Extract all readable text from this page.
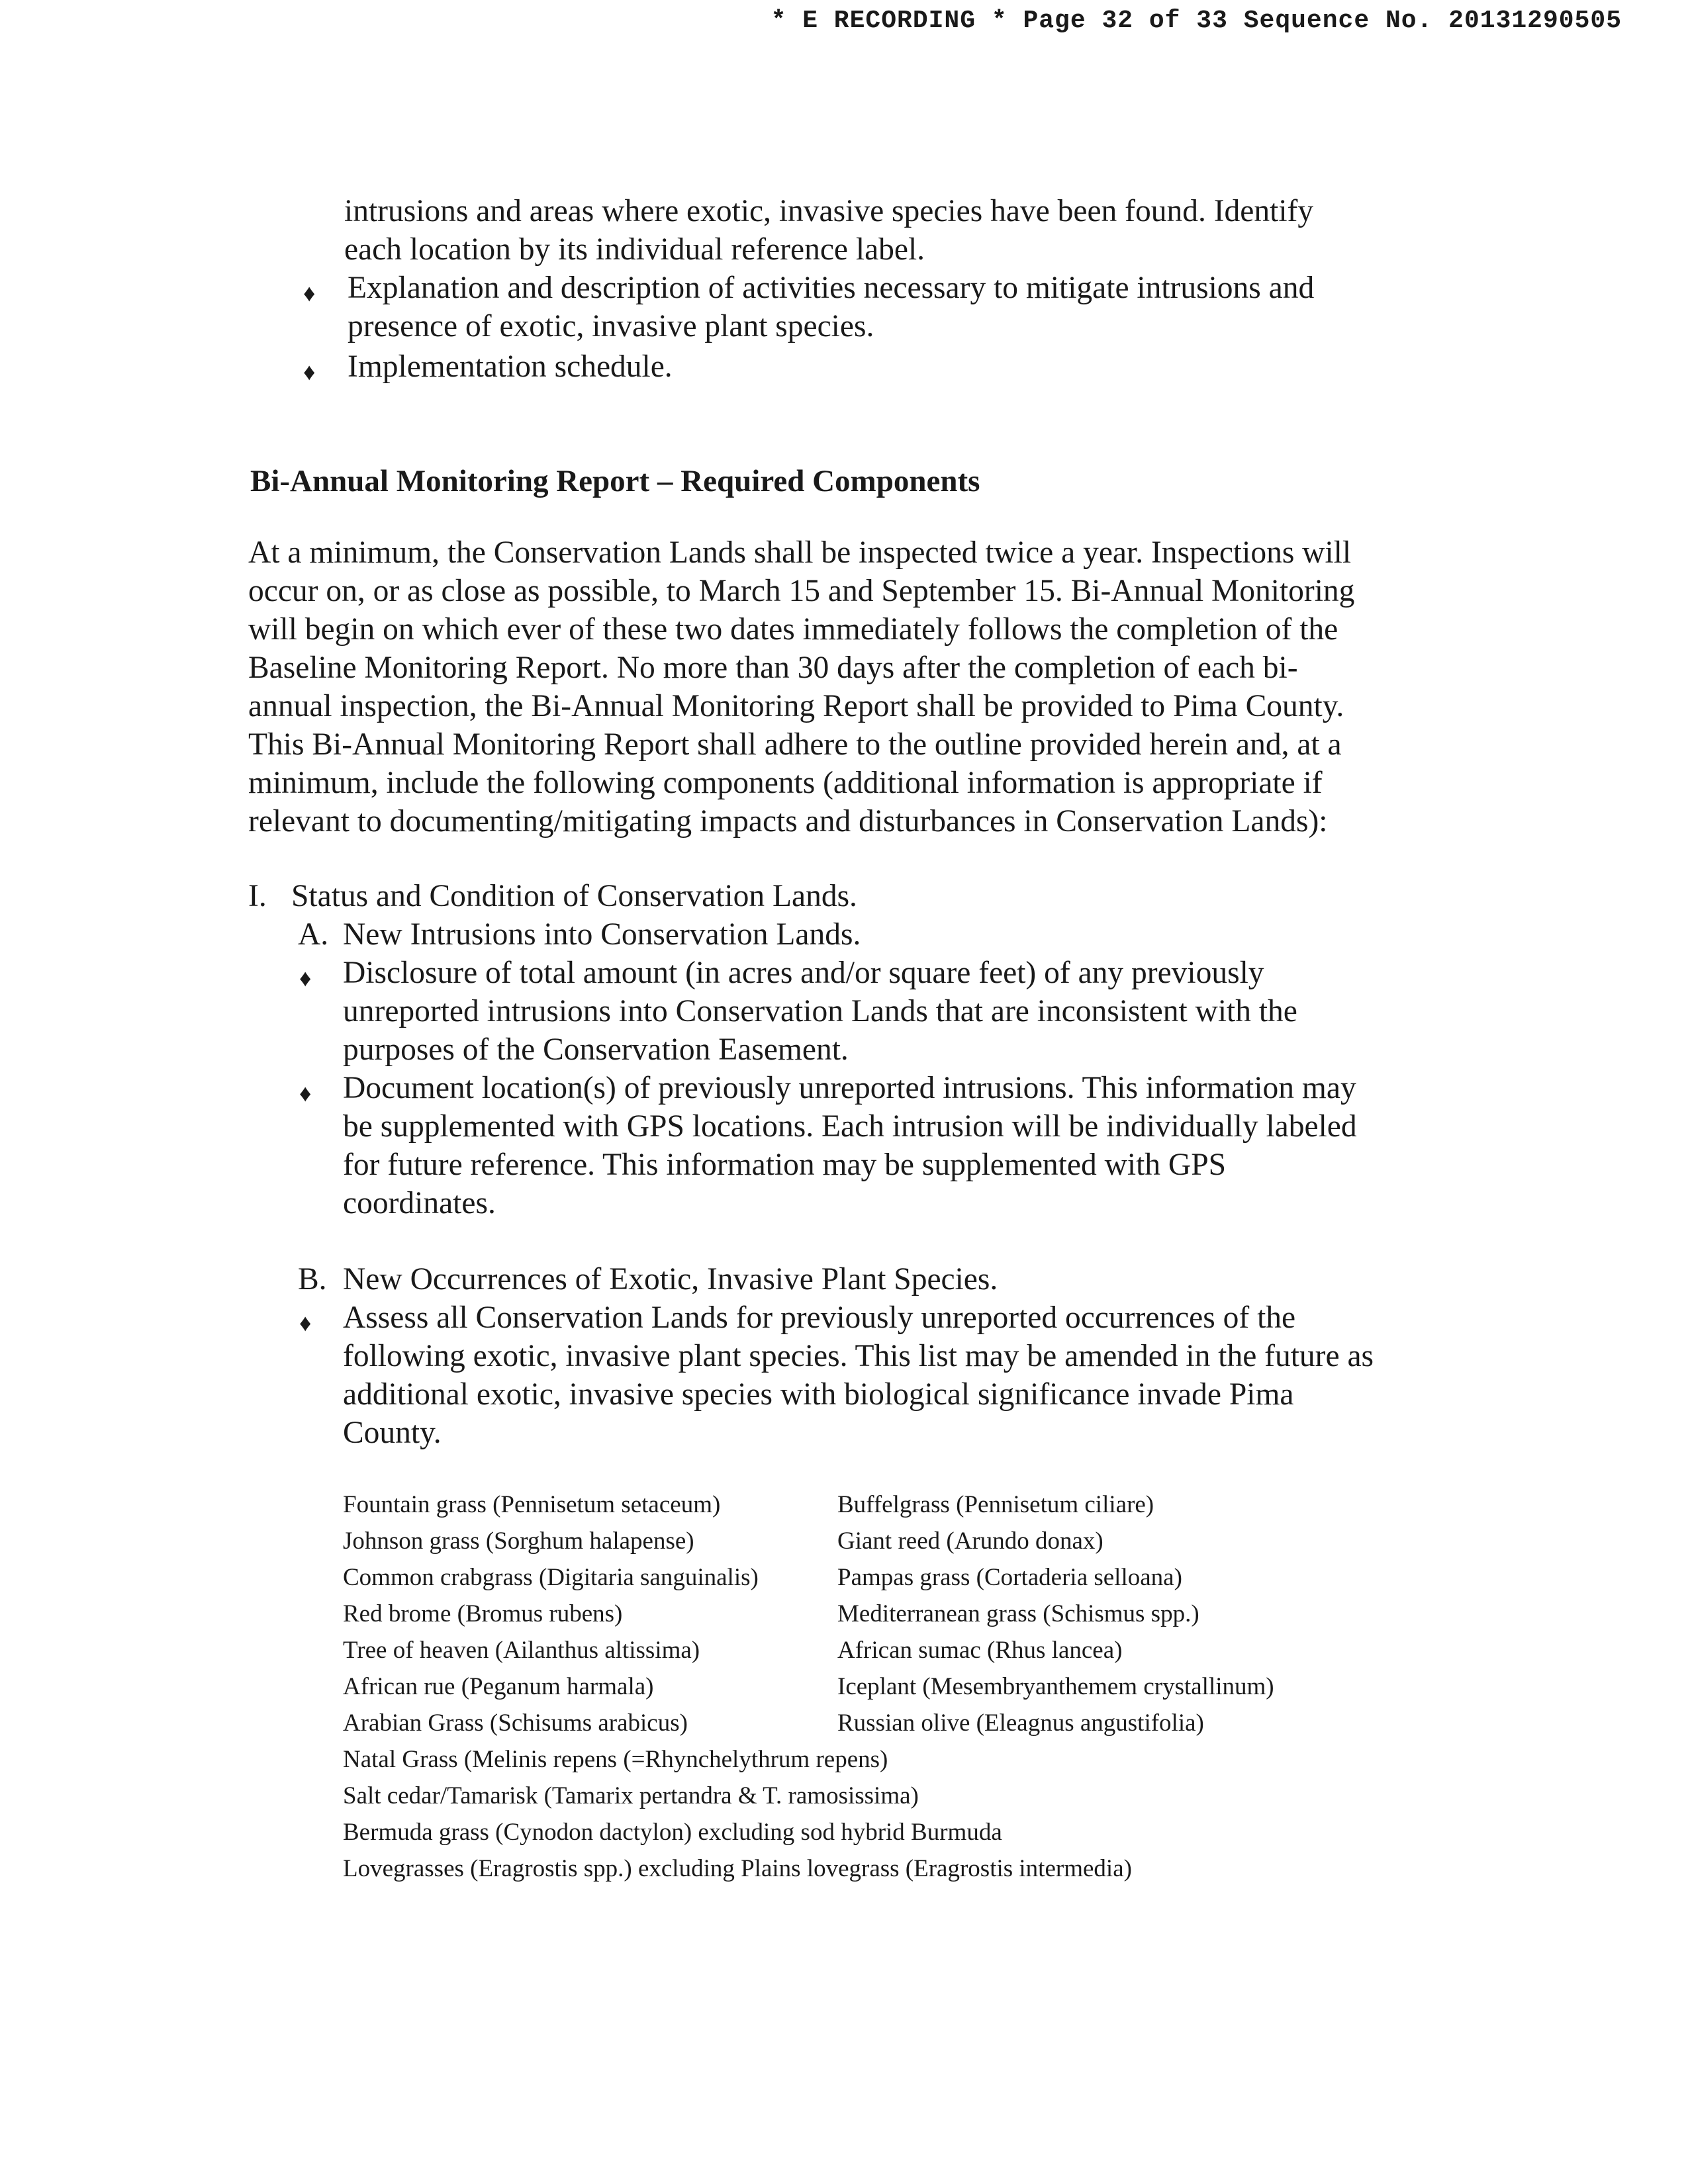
* E RECORDING * Page 32 of 33 Sequence No. 20131290505
intrusions and areas where exotic, invasive species have been found. Identify
each location by its individual reference label.
♦ Explanation and description of activities necessary to mitigate intrusions and
presence of exotic, invasive plant species.
♦ Implementation schedule.
Bi-Annual Monitoring Report – Required Components
At a minimum, the Conservation Lands shall be inspected twice a year. Inspections will
occur on, or as close as possible, to March 15 and September 15. Bi-Annual Monitoring
will begin on which ever of these two dates immediately follows the completion of the
Baseline Monitoring Report. No more than 30 days after the completion of each bi-
annual inspection, the Bi-Annual Monitoring Report shall be provided to Pima County.
This Bi-Annual Monitoring Report shall adhere to the outline provided herein and, at a
minimum, include the following components (additional information is appropriate if
relevant to documenting/mitigating impacts and disturbances in Conservation Lands):
I. Status and Condition of Conservation Lands.
A. New Intrusions into Conservation Lands.
♦ Disclosure of total amount (in acres and/or square feet) of any previously
unreported intrusions into Conservation Lands that are inconsistent with the
purposes of the Conservation Easement.
♦ Document location(s) of previously unreported intrusions. This information may
be supplemented with GPS locations. Each intrusion will be individually labeled
for future reference. This information may be supplemented with GPS
coordinates.
B. New Occurrences of Exotic, Invasive Plant Species.
♦ Assess all Conservation Lands for previously unreported occurrences of the
following exotic, invasive plant species. This list may be amended in the future as
additional exotic, invasive species with biological significance invade Pima
County.
Fountain grass (Pennisetum setaceum)
Johnson grass (Sorghum halapense)
Common crabgrass (Digitaria sanguinalis)
Red brome (Bromus rubens)
Tree of heaven (Ailanthus altissima)
African rue (Peganum harmala)
Arabian Grass (Schisums arabicus)
Natal Grass (Melinis repens (=Rhynchelythrum repens)
Salt cedar/Tamarisk (Tamarix pertandra & T. ramosissima)
Bermuda grass (Cynodon dactylon) excluding sod hybrid Burmuda
Lovegrasses (Eragrostis spp.) excluding Plains lovegrass (Eragrostis intermedia)
Buffelgrass (Pennisetum ciliare)
Giant reed (Arundo donax)
Pampas grass (Cortaderia selloana)
Mediterranean grass (Schismus spp.)
African sumac (Rhus lancea)
Iceplant (Mesembryanthemem crystallinum)
Russian olive (Eleagnus angustifolia)
